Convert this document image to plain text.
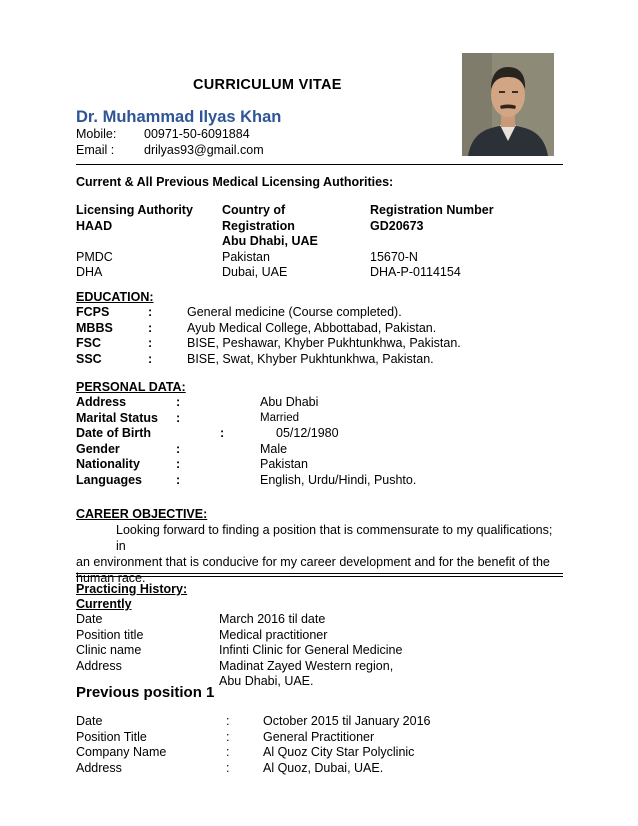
CURRICULUM VITAE
Dr. Muhammad Ilyas Khan
Mobile: 00971-50-6091884
Email : drilyas93@gmail.com
Current & All Previous Medical Licensing Authorities:
Licensing Authority	Country of	Registration Number
HAAD	Registration	GD20673
	Abu Dhabi, UAE	
PMDC	Pakistan	15670-N
DHA	Dubai, UAE	DHA-P-0114154
EDUCATION:
FCPS	:	General medicine (Course completed).
MBBS	:	Ayub Medical College, Abbottabad, Pakistan.
FSC	:	BISE, Peshawar, Khyber Pukhtunkhwa, Pakistan.
SSC	:	BISE, Swat, Khyber Pukhtunkhwa, Pakistan.
PERSONAL DATA:
Address	:	Abu Dhabi
Marital Status	:	Married
Date of Birth	:	05/12/1980
Gender	:	Male
Nationality	:	Pakistan
Languages	:	English, Urdu/Hindi, Pushto.
CAREER OBJECTIVE:
Looking forward to finding a position that is commensurate to my qualifications; in
an environment that is conducive for my career development and for the benefit of the
human race.
Practicing History:
Currently
Date	March 2016 til date
Position title	Medical practitioner
Clinic name	Infinti Clinic for General Medicine
Address	Madinat Zayed Western region,
	Abu Dhabi, UAE.
Previous position 1
Date	:	October 2015 til January 2016
Position Title	:	General Practitioner
Company Name	:	Al Quoz City Star Polyclinic
Address	:	Al Quoz, Dubai, UAE.
